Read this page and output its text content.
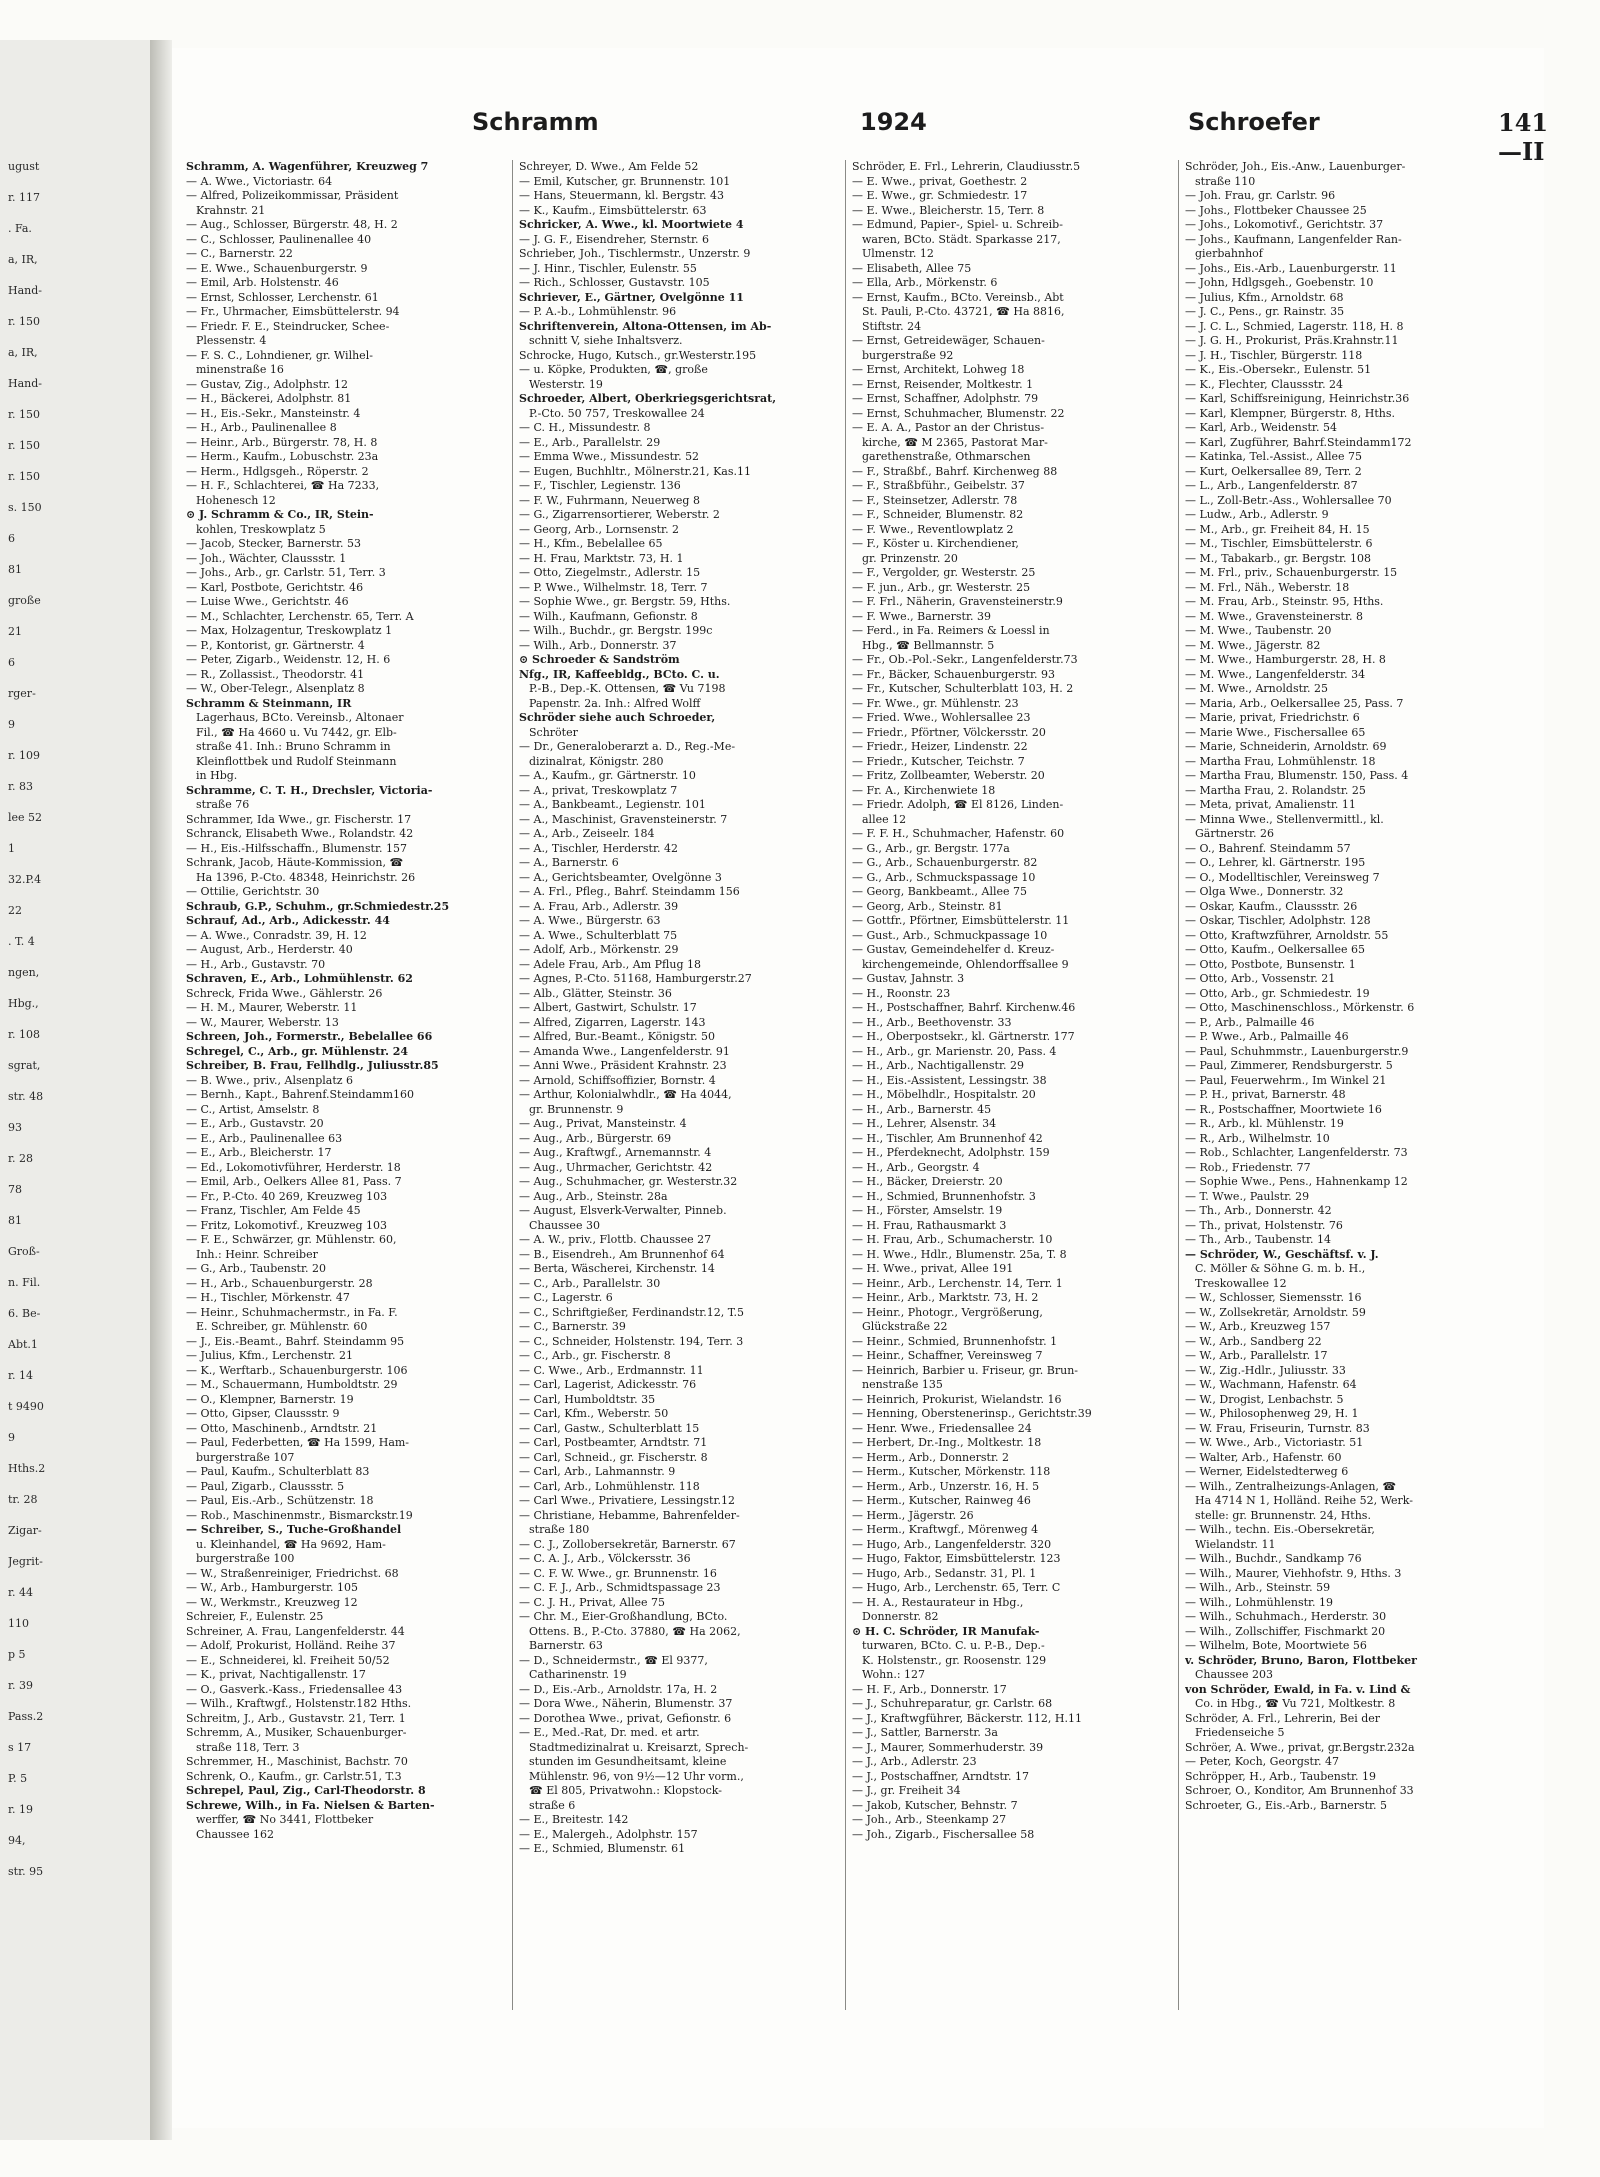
ugust
r. 117
. Fa.
a, IR,
Hand-
r. 150
a, IR,
Hand-
r. 150
r. 150
r. 150
s. 150
6
81
große
21
6
rger-
9
r. 109
r. 83
lee 52
1
32.P.4
22
. T. 4
ngen,
Hbg.,
r. 108
sgrat,
str. 48
93
r. 28
78
81
Groß-
n. Fil.
6. Be-
Abt.1
r. 14
t 9490
9
Hths.2
tr. 28
Zigar-
Jegrit-
r. 44
110
p 5
r. 39
Pass.2
s 17
P. 5
r. 19
94,
str. 95
Schramm	1924	Schroefer	141—II
Schramm, A. Wagenführer, Kreuzweg 7
— A. Wwe., Victoriastr. 64
— Alfred, Polizeikommissar, Präsident
Krahnstr. 21
— Aug., Schlosser, Bürgerstr. 48, H. 2
— C., Schlosser, Paulinenallee 40
— C., Barnerstr. 22
— E. Wwe., Schauenburgerstr. 9
— Emil, Arb. Holstenstr. 46
— Ernst, Schlosser, Lerchenstr. 61
— Fr., Uhrmacher, Eimsbüttelerstr. 94
— Friedr. F. E., Steindrucker, Schee-
Plessenstr. 4
— F. S. C., Lohndiener, gr. Wilhel-
minenstraße 16
— Gustav, Zig., Adolphstr. 12
— H., Bäckerei, Adolphstr. 81
— H., Eis.-Sekr., Mansteinstr. 4
— H., Arb., Paulinenallee 8
— Heinr., Arb., Bürgerstr. 78, H. 8
— Herm., Kaufm., Lobuschstr. 23a
— Herm., Hdlgsgeh., Röperstr. 2
— H. F., Schlachterei, ☎ Ha 7233,
Hohenesch 12
⊙ J. Schramm & Co., IR, Stein-
kohlen, Treskowplatz 5
— Jacob, Stecker, Barnerstr. 53
— Joh., Wächter, Claussstr. 1
— Johs., Arb., gr. Carlstr. 51, Terr. 3
— Karl, Postbote, Gerichtstr. 46
— Luise Wwe., Gerichtstr. 46
— M., Schlachter, Lerchenstr. 65, Terr. A
— Max, Holzagentur, Treskowplatz 1
— P., Kontorist, gr. Gärtnerstr. 4
— Peter, Zigarb., Weidenstr. 12, H. 6
— R., Zollassist., Theodorstr. 41
— W., Ober-Telegr., Alsenplatz 8
Schramm & Steinmann, IR
Lagerhaus, BCto. Vereinsb., Altonaer
Fil., ☎ Ha 4660 u. Vu 7442, gr. Elb-
straße 41. Inh.: Bruno Schramm in
Kleinflottbek und Rudolf Steinmann
in Hbg.
Schramme, C. T. H., Drechsler, Victoria-
straße 76
Schrammer, Ida Wwe., gr. Fischerstr. 17
Schranck, Elisabeth Wwe., Rolandstr. 42
— H., Eis.-Hilfsschaffn., Blumenstr. 157
Schrank, Jacob, Häute-Kommission, ☎
Ha 1396, P.-Cto. 48348, Heinrichstr. 26
— Ottilie, Gerichtstr. 30
Schraub, G.P., Schuhm., gr.Schmiedestr.25
Schrauf, Ad., Arb., Adickesstr. 44
— A. Wwe., Conradstr. 39, H. 12
— August, Arb., Herderstr. 40
— H., Arb., Gustavstr. 70
Schraven, E., Arb., Lohmühlenstr. 62
Schreck, Frida Wwe., Gählerstr. 26
— H. M., Maurer, Weberstr. 11
— W., Maurer, Weberstr. 13
Schreen, Joh., Formerstr., Bebelallee 66
Schregel, C., Arb., gr. Mühlenstr. 24
Schreiber, B. Frau, Fellhdlg., Juliusstr.85
— B. Wwe., priv., Alsenplatz 6
— Bernh., Kapt., Bahrenf.Steindamm160
— C., Artist, Amselstr. 8
— E., Arb., Gustavstr. 20
— E., Arb., Paulinenallee 63
— E., Arb., Bleicherstr. 17
— Ed., Lokomotivführer, Herderstr. 18
— Emil, Arb., Oelkers Allee 81, Pass. 7
— Fr., P.-Cto. 40 269, Kreuzweg 103
— Franz, Tischler, Am Felde 45
— Fritz, Lokomotivf., Kreuzweg 103
— F. E., Schwärzer, gr. Mühlenstr. 60,
Inh.: Heinr. Schreiber
— G., Arb., Taubenstr. 20
— H., Arb., Schauenburgerstr. 28
— H., Tischler, Mörkenstr. 47
— Heinr., Schuhmachermstr., in Fa. F.
E. Schreiber, gr. Mühlenstr. 60
— J., Eis.-Beamt., Bahrf. Steindamm 95
— Julius, Kfm., Lerchenstr. 21
— K., Werftarb., Schauenburgerstr. 106
— M., Schauermann, Humboldtstr. 29
— O., Klempner, Barnerstr. 19
— Otto, Gipser, Claussstr. 9
— Otto, Maschinenb., Arndtstr. 21
— Paul, Federbetten, ☎ Ha 1599, Ham-
burgerstraße 107
— Paul, Kaufm., Schulterblatt 83
— Paul, Zigarb., Claussstr. 5
— Paul, Eis.-Arb., Schützenstr. 18
— Rob., Maschinenmstr., Bismarckstr.19
— Schreiber, S., Tuche-Großhandel
u. Kleinhandel, ☎ Ha 9692, Ham-
burgerstraße 100
— W., Straßenreiniger, Friedrichst. 68
— W., Arb., Hamburgerstr. 105
— W., Werkmstr., Kreuzweg 12
Schreier, F., Eulenstr. 25
Schreiner, A. Frau, Langenfelderstr. 44
— Adolf, Prokurist, Holländ. Reihe 37
— E., Schneiderei, kl. Freiheit 50/52
— K., privat, Nachtigallenstr. 17
— O., Gasverk.-Kass., Friedensallee 43
— Wilh., Kraftwgf., Holstenstr.182 Hths.
Schreitm, J., Arb., Gustavstr. 21, Terr. 1
Schremm, A., Musiker, Schauenburger-
straße 118, Terr. 3
Schremmer, H., Maschinist, Bachstr. 70
Schrenk, O., Kaufm., gr. Carlstr.51, T.3
Schrepel, Paul, Zig., Carl-Theodorstr. 8
Schrewe, Wilh., in Fa. Nielsen & Barten-
werffer, ☎ No 3441, Flottbeker
Chaussee 162
Schreyer, D. Wwe., Am Felde 52
— Emil, Kutscher, gr. Brunnenstr. 101
— Hans, Steuermann, kl. Bergstr. 43
— K., Kaufm., Eimsbüttelerstr. 63
Schricker, A. Wwe., kl. Moortwiete 4
— J. G. F., Eisendreher, Sternstr. 6
Schrieber, Joh., Tischlermstr., Unzerstr. 9
— J. Hinr., Tischler, Eulenstr. 55
— Rich., Schlosser, Gustavstr. 105
Schriever, E., Gärtner, Ovelgönne 11
— P. A.-b., Lohmühlenstr. 96
Schriftenverein, Altona-Ottensen, im Ab-
schnitt V, siehe Inhaltsverz.
Schrocke, Hugo, Kutsch., gr.Westerstr.195
— u. Köpke, Produkten, ☎, große
Westerstr. 19
Schroeder, Albert, Oberkriegsgerichtsrat,
P.-Cto. 50 757, Treskowallee 24
— C. H., Missundestr. 8
— E., Arb., Parallelstr. 29
— Emma Wwe., Missundestr. 52
— Eugen, Buchhltr., Mölnerstr.21, Kas.11
— F., Tischler, Legienstr. 136
— F. W., Fuhrmann, Neuerweg 8
— G., Zigarrensortierer, Weberstr. 2
— Georg, Arb., Lornsenstr. 2
— H., Kfm., Bebelallee 65
— H. Frau, Marktstr. 73, H. 1
— Otto, Ziegelmstr., Adlerstr. 15
— P. Wwe., Wilhelmstr. 18, Terr. 7
— Sophie Wwe., gr. Bergstr. 59, Hths.
— Wilh., Kaufmann, Gefionstr. 8
— Wilh., Buchdr., gr. Bergstr. 199c
— Wilh., Arb., Donnerstr. 37
⊙ Schroeder & Sandström
Nfg., IR, Kaffeebldg., BCto. C. u.
P.-B., Dep.-K. Ottensen, ☎ Vu 7198
Papenstr. 2a. Inh.: Alfred Wolff
Schröder siehe auch Schroeder,
Schröter
— Dr., Generaloberarzt a. D., Reg.-Me-
dizinalrat, Königstr. 280
— A., Kaufm., gr. Gärtnerstr. 10
— A., privat, Treskowplatz 7
— A., Bankbeamt., Legienstr. 101
— A., Maschinist, Gravensteinerstr. 7
— A., Arb., Zeiseelr. 184
— A., Tischler, Herderstr. 42
— A., Barnerstr. 6
— A., Gerichtsbeamter, Ovelgönne 3
— A. Frl., Pfleg., Bahrf. Steindamm 156
— A. Frau, Arb., Adlerstr. 39
— A. Wwe., Bürgerstr. 63
— A. Wwe., Schulterblatt 75
— Adolf, Arb., Mörkenstr. 29
— Adele Frau, Arb., Am Pflug 18
— Agnes, P.-Cto. 51168, Hamburgerstr.27
— Alb., Glätter, Steinstr. 36
— Albert, Gastwirt, Schulstr. 17
— Alfred, Zigarren, Lagerstr. 143
— Alfred, Bur.-Beamt., Königstr. 50
— Amanda Wwe., Langenfelderstr. 91
— Anni Wwe., Präsident Krahnstr. 23
— Arnold, Schiffsoffizier, Bornstr. 4
— Arthur, Kolonialwhdlr., ☎ Ha 4044,
gr. Brunnenstr. 9
— Aug., Privat, Mansteinstr. 4
— Aug., Arb., Bürgerstr. 69
— Aug., Kraftwgf., Arnemannstr. 4
— Aug., Uhrmacher, Gerichtstr. 42
— Aug., Schuhmacher, gr. Westerstr.32
— Aug., Arb., Steinstr. 28a
— August, Elsverk-Verwalter, Pinneb.
Chaussee 30
— A. W., priv., Flottb. Chaussee 27
— B., Eisendreh., Am Brunnenhof 64
— Berta, Wäscherei, Kirchenstr. 14
— C., Arb., Parallelstr. 30
— C., Lagerstr. 6
— C., Schriftgießer, Ferdinandstr.12, T.5
— C., Barnerstr. 39
— C., Schneider, Holstenstr. 194, Terr. 3
— C., Arb., gr. Fischerstr. 8
— C. Wwe., Arb., Erdmannstr. 11
— Carl, Lagerist, Adickesstr. 76
— Carl, Humboldtstr. 35
— Carl, Kfm., Weberstr. 50
— Carl, Gastw., Schulterblatt 15
— Carl, Postbeamter, Arndtstr. 71
— Carl, Schneid., gr. Fischerstr. 8
— Carl, Arb., Lahmannstr. 9
— Carl, Arb., Lohmühlenstr. 118
— Carl Wwe., Privatiere, Lessingstr.12
— Christiane, Hebamme, Bahrenfelder-
straße 180
— C. J., Zollobersekretär, Barnerstr. 67
— C. A. J., Arb., Völckersstr. 36
— C. F. W. Wwe., gr. Brunnenstr. 16
— C. F. J., Arb., Schmidtspassage 23
— C. J. H., Privat, Allee 75
— Chr. M., Eier-Großhandlung, BCto.
Ottens. B., P.-Cto. 37880, ☎ Ha 2062,
Barnerstr. 63
— D., Schneidermstr., ☎ El 9377,
Catharinenstr. 19
— D., Eis.-Arb., Arnoldstr. 17a, H. 2
— Dora Wwe., Näherin, Blumenstr. 37
— Dorothea Wwe., privat, Gefionstr. 6
— E., Med.-Rat, Dr. med. et artr.
Stadtmedizinalrat u. Kreisarzt, Sprech-
stunden im Gesundheitsamt, kleine
Mühlenstr. 96, von 9½—12 Uhr vorm.,
☎ El 805, Privatwohn.: Klopstock-
straße 6
— E., Breitestr. 142
— E., Malergeh., Adolphstr. 157
— E., Schmied, Blumenstr. 61
Schröder, E. Frl., Lehrerin, Claudiusstr.5
— E. Wwe., privat, Goethestr. 2
— E. Wwe., gr. Schmiedestr. 17
— E. Wwe., Bleicherstr. 15, Terr. 8
— Edmund, Papier-, Spiel- u. Schreib-
waren, BCto. Städt. Sparkasse 217,
Ulmenstr. 12
— Elisabeth, Allee 75
— Ella, Arb., Mörkenstr. 6
— Ernst, Kaufm., BCto. Vereinsb., Abt
St. Pauli, P.-Cto. 43721, ☎ Ha 8816,
Stiftstr. 24
— Ernst, Getreidewäger, Schauen-
burgerstraße 92
— Ernst, Architekt, Lohweg 18
— Ernst, Reisender, Moltkestr. 1
— Ernst, Schaffner, Adolphstr. 79
— Ernst, Schuhmacher, Blumenstr. 22
— E. A. A., Pastor an der Christus-
kirche, ☎ M 2365, Pastorat Mar-
garethenstraße, Othmarschen
— F., Straßbf., Bahrf. Kirchenweg 88
— F., Straßbführ., Geibelstr. 37
— F., Steinsetzer, Adlerstr. 78
— F., Schneider, Blumenstr. 82
— F. Wwe., Reventlowplatz 2
— F., Köster u. Kirchendiener,
gr. Prinzenstr. 20
— F., Vergolder, gr. Westerstr. 25
— F. jun., Arb., gr. Westerstr. 25
— F. Frl., Näherin, Gravensteinerstr.9
— F. Wwe., Barnerstr. 39
— Ferd., in Fa. Reimers & Loessl in
Hbg., ☎ Bellmannstr. 5
— Fr., Ob.-Pol.-Sekr., Langenfelderstr.73
— Fr., Bäcker, Schauenburgerstr. 93
— Fr., Kutscher, Schulterblatt 103, H. 2
— Fr. Wwe., gr. Mühlenstr. 23
— Fried. Wwe., Wohlersallee 23
— Friedr., Pförtner, Völckersstr. 20
— Friedr., Heizer, Lindenstr. 22
— Friedr., Kutscher, Teichstr. 7
— Fritz, Zollbeamter, Weberstr. 20
— Fr. A., Kirchenwiete 18
— Friedr. Adolph, ☎ El 8126, Linden-
allee 12
— F. F. H., Schuhmacher, Hafenstr. 60
— G., Arb., gr. Bergstr. 177a
— G., Arb., Schauenburgerstr. 82
— G., Arb., Schmuckspassage 10
— Georg, Bankbeamt., Allee 75
— Georg, Arb., Steinstr. 81
— Gottfr., Pförtner, Eimsbüttelerstr. 11
— Gust., Arb., Schmuckpassage 10
— Gustav, Gemeindehelfer d. Kreuz-
kirchengemeinde, Ohlendorffsallee 9
— Gustav, Jahnstr. 3
— H., Roonstr. 23
— H., Postschaffner, Bahrf. Kirchenw.46
— H., Arb., Beethovenstr. 33
— H., Oberpostsekr., kl. Gärtnerstr. 177
— H., Arb., gr. Marienstr. 20, Pass. 4
— H., Arb., Nachtigallenstr. 29
— H., Eis.-Assistent, Lessingstr. 38
— H., Möbelhdlr., Hospitalstr. 20
— H., Arb., Barnerstr. 45
— H., Lehrer, Alsenstr. 34
— H., Tischler, Am Brunnenhof 42
— H., Pferdeknecht, Adolphstr. 159
— H., Arb., Georgstr. 4
— H., Bäcker, Dreierstr. 20
— H., Schmied, Brunnenhofstr. 3
— H., Förster, Amselstr. 19
— H. Frau, Rathausmarkt 3
— H. Frau, Arb., Schumacherstr. 10
— H. Wwe., Hdlr., Blumenstr. 25a, T. 8
— H. Wwe., privat, Allee 191
— Heinr., Arb., Lerchenstr. 14, Terr. 1
— Heinr., Arb., Marktstr. 73, H. 2
— Heinr., Photogr., Vergrößerung,
Glückstraße 22
— Heinr., Schmied, Brunnenhofstr. 1
— Heinr., Schaffner, Vereinsweg 7
— Heinrich, Barbier u. Friseur, gr. Brun-
nenstraße 135
— Heinrich, Prokurist, Wielandstr. 16
— Henning, Oberstenerinsp., Gerichtstr.39
— Henr. Wwe., Friedensallee 24
— Herbert, Dr.-Ing., Moltkestr. 18
— Herm., Arb., Donnerstr. 2
— Herm., Kutscher, Mörkenstr. 118
— Herm., Arb., Unzerstr. 16, H. 5
— Herm., Kutscher, Rainweg 46
— Herm., Jägerstr. 26
— Herm., Kraftwgf., Mörenweg 4
— Hugo, Arb., Langenfelderstr. 320
— Hugo, Faktor, Eimsbüttelerstr. 123
— Hugo, Arb., Sedanstr. 31, Pl. 1
— Hugo, Arb., Lerchenstr. 65, Terr. C
— H. A., Restaurateur in Hbg.,
Donnerstr. 82
⊙ H. C. Schröder, IR Manufak-
turwaren, BCto. C. u. P.-B., Dep.-
K. Holstenstr., gr. Roosenstr. 129
Wohn.: 127
— H. F., Arb., Donnerstr. 17
— J., Schuhreparatur, gr. Carlstr. 68
— J., Kraftwgführer, Bäckerstr. 112, H.11
— J., Sattler, Barnerstr. 3a
— J., Maurer, Sommerhuderstr. 39
— J., Arb., Adlerstr. 23
— J., Postschaffner, Arndtstr. 17
— J., gr. Freiheit 34
— Jakob, Kutscher, Behnstr. 7
— Joh., Arb., Steenkamp 27
— Joh., Zigarb., Fischersallee 58
Schröder, Joh., Eis.-Anw., Lauenburger-
straße 110
— Joh. Frau, gr. Carlstr. 96
— Johs., Flottbeker Chaussee 25
— Johs., Lokomotivf., Gerichtstr. 37
— Johs., Kaufmann, Langenfelder Ran-
gierbahnhof
— Johs., Eis.-Arb., Lauenburgerstr. 11
— John, Hdlgsgeh., Goebenstr. 10
— Julius, Kfm., Arnoldstr. 68
— J. C., Pens., gr. Rainstr. 35
— J. C. L., Schmied, Lagerstr. 118, H. 8
— J. G. H., Prokurist, Präs.Krahnstr.11
— J. H., Tischler, Bürgerstr. 118
— K., Eis.-Obersekr., Eulenstr. 51
— K., Flechter, Claussstr. 24
— Karl, Schiffsreinigung, Heinrichstr.36
— Karl, Klempner, Bürgerstr. 8, Hths.
— Karl, Arb., Weidenstr. 54
— Karl, Zugführer, Bahrf.Steindamm172
— Katinka, Tel.-Assist., Allee 75
— Kurt, Oelkersallee 89, Terr. 2
— L., Arb., Langenfelderstr. 87
— L., Zoll-Betr.-Ass., Wohlersallee 70
— Ludw., Arb., Adlerstr. 9
— M., Arb., gr. Freiheit 84, H. 15
— M., Tischler, Eimsbüttelerstr. 6
— M., Tabakarb., gr. Bergstr. 108
— M. Frl., priv., Schauenburgerstr. 15
— M. Frl., Näh., Weberstr. 18
— M. Frau, Arb., Steinstr. 95, Hths.
— M. Wwe., Gravensteinerstr. 8
— M. Wwe., Taubenstr. 20
— M. Wwe., Jägerstr. 82
— M. Wwe., Hamburgerstr. 28, H. 8
— M. Wwe., Langenfelderstr. 34
— M. Wwe., Arnoldstr. 25
— Maria, Arb., Oelkersallee 25, Pass. 7
— Marie, privat, Friedrichstr. 6
— Marie Wwe., Fischersallee 65
— Marie, Schneiderin, Arnoldstr. 69
— Martha Frau, Lohmühlenstr. 18
— Martha Frau, Blumenstr. 150, Pass. 4
— Martha Frau, 2. Rolandstr. 25
— Meta, privat, Amalienstr. 11
— Minna Wwe., Stellenvermittl., kl.
Gärtnerstr. 26
— O., Bahrenf. Steindamm 57
— O., Lehrer, kl. Gärtnerstr. 195
— O., Modelltischler, Vereinsweg 7
— Olga Wwe., Donnerstr. 32
— Oskar, Kaufm., Claussstr. 26
— Oskar, Tischler, Adolphstr. 128
— Otto, Kraftwzführer, Arnoldstr. 55
— Otto, Kaufm., Oelkersallee 65
— Otto, Postbote, Bunsenstr. 1
— Otto, Arb., Vossenstr. 21
— Otto, Arb., gr. Schmiedestr. 19
— Otto, Maschinenschloss., Mörkenstr. 6
— P., Arb., Palmaille 46
— P. Wwe., Arb., Palmaille 46
— Paul, Schuhmmstr., Lauenburgerstr.9
— Paul, Zimmerer, Rendsburgerstr. 5
— Paul, Feuerwehrm., Im Winkel 21
— P. H., privat, Barnerstr. 48
— R., Postschaffner, Moortwiete 16
— R., Arb., kl. Mühlenstr. 19
— R., Arb., Wilhelmstr. 10
— Rob., Schlachter, Langenfelderstr. 73
— Rob., Friedenstr. 77
— Sophie Wwe., Pens., Hahnenkamp 12
— T. Wwe., Paulstr. 29
— Th., Arb., Donnerstr. 42
— Th., privat, Holstenstr. 76
— Th., Arb., Taubenstr. 14
— Schröder, W., Geschäftsf. v. J.
C. Möller & Söhne G. m. b. H.,
Treskowallee 12
— W., Schlosser, Siemensstr. 16
— W., Zollsekretär, Arnoldstr. 59
— W., Arb., Kreuzweg 157
— W., Arb., Sandberg 22
— W., Arb., Parallelstr. 17
— W., Zig.-Hdlr., Juliusstr. 33
— W., Wachmann, Hafenstr. 64
— W., Drogist, Lenbachstr. 5
— W., Philosophenweg 29, H. 1
— W. Frau, Friseurin, Turnstr. 83
— W. Wwe., Arb., Victoriastr. 51
— Walter, Arb., Hafenstr. 60
— Werner, Eidelstedterweg 6
— Wilh., Zentralheizungs-Anlagen, ☎
Ha 4714 N 1, Holländ. Reihe 52, Werk-
stelle: gr. Brunnenstr. 24, Hths.
— Wilh., techn. Eis.-Obersekretär,
Wielandstr. 11
— Wilh., Buchdr., Sandkamp 76
— Wilh., Maurer, Viehhofstr. 9, Hths. 3
— Wilh., Arb., Steinstr. 59
— Wilh., Lohmühlenstr. 19
— Wilh., Schuhmach., Herderstr. 30
— Wilh., Zollschiffer, Fischmarkt 20
— Wilhelm, Bote, Moortwiete 56
v. Schröder, Bruno, Baron, Flottbeker
Chaussee 203
von Schröder, Ewald, in Fa. v. Lind &
Co. in Hbg., ☎ Vu 721, Moltkestr. 8
Schröder, A. Frl., Lehrerin, Bei der
Friedenseiche 5
Schröer, A. Wwe., privat, gr.Bergstr.232a
— Peter, Koch, Georgstr. 47
Schröpper, H., Arb., Taubenstr. 19
Schroer, O., Konditor, Am Brunnenhof 33
Schroeter, G., Eis.-Arb., Barnerstr. 5
